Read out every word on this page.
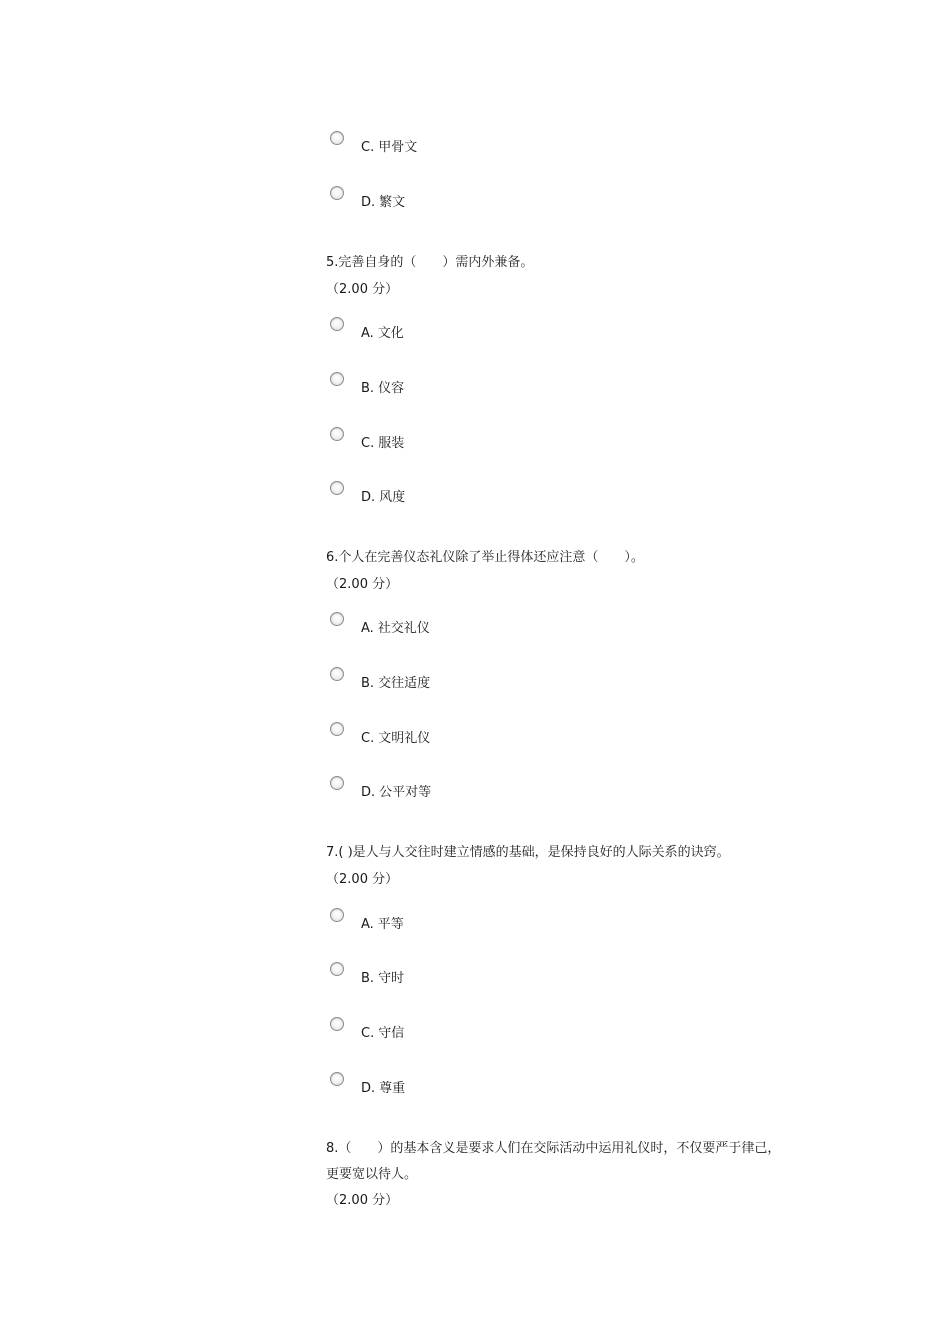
C. 甲骨文
D. 繁文
5.完善自身的（　　）需内外兼备。
（2.00 分）
A. 文化
B. 仪容
C. 服装
D. 风度
6.个人在完善仪态礼仪除了举止得体还应注意（　　）。
（2.00 分）
A. 社交礼仪
B. 交往适度
C. 文明礼仪
D. 公平对等
7.( )是人与人交往时建立情感的基础，是保持良好的人际关系的诀窍。
（2.00 分）
A. 平等
B. 守时
C. 守信
D. 尊重
8.（　　）的基本含义是要求人们在交际活动中运用礼仪时，不仅要严于律己，
更要宽以待人。
（2.00 分）
